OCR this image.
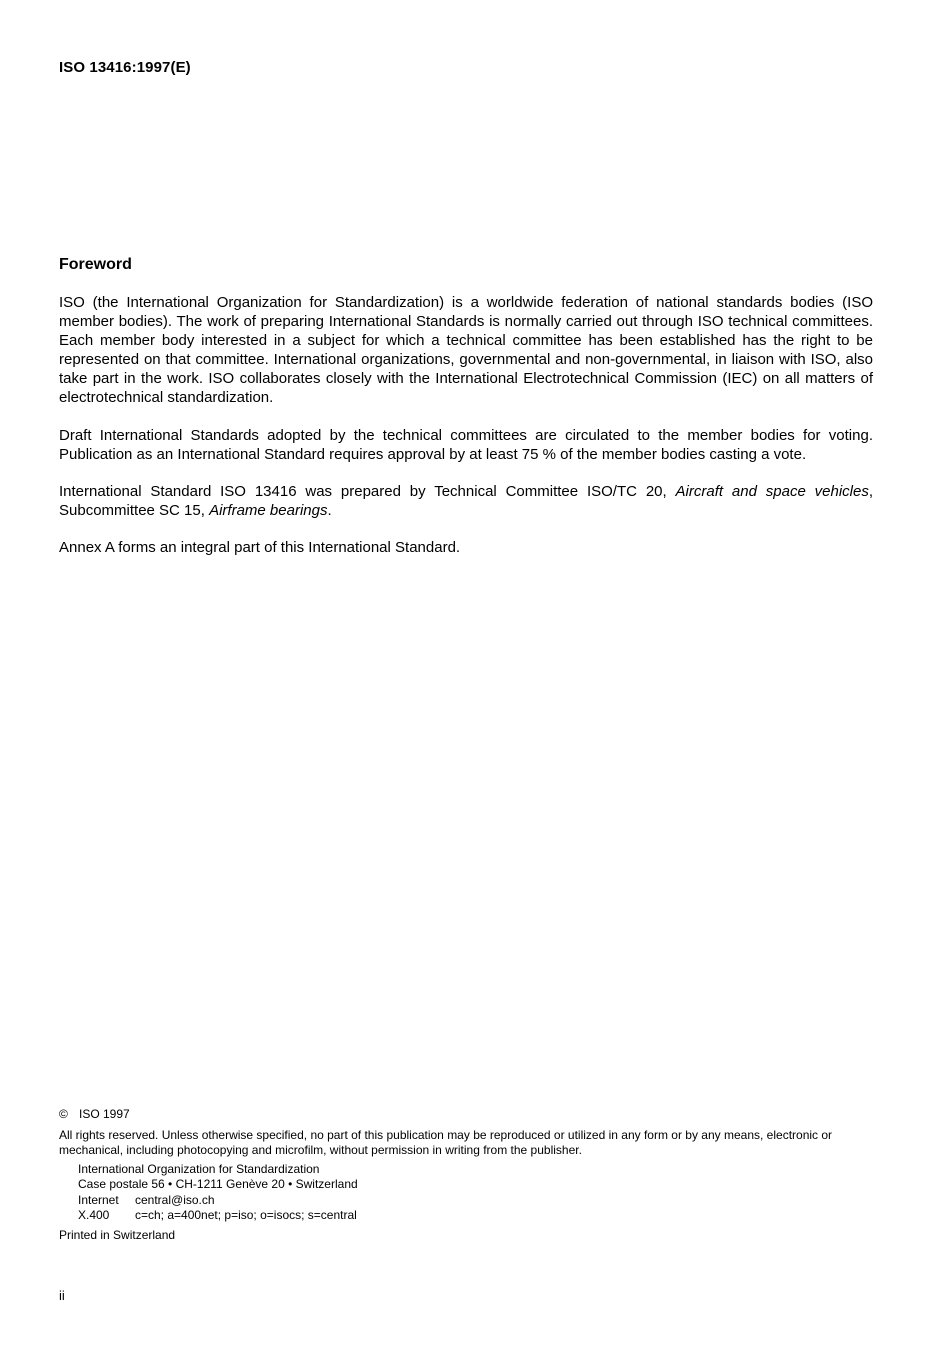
ISO 13416:1997(E)
Foreword

ISO (the International Organization for Standardization) is a worldwide federation of national standards bodies (ISO member bodies). The work of preparing International Standards is normally carried out through ISO technical committees. Each member body interested in a subject for which a technical committee has been established has the right to be represented on that committee. International organizations, governmental and non-governmental, in liaison with ISO, also take part in the work. ISO collaborates closely with the International Electrotechnical Commission (IEC) on all matters of electrotechnical standardization.

Draft International Standards adopted by the technical committees are circulated to the member bodies for voting. Publication as an International Standard requires approval by at least 75 % of the member bodies casting a vote.

International Standard ISO 13416 was prepared by Technical Committee ISO/TC 20, Aircraft and space vehicles, Subcommittee SC 15, Airframe bearings.

Annex A forms an integral part of this International Standard.

© ISO 1997
All rights reserved. Unless otherwise specified, no part of this publication may be reproduced or utilized in any form or by any means, electronic or mechanical, including photocopying and microfilm, without permission in writing from the publisher.
International Organization for Standardization
Case postale 56 • CH-1211 Genève 20 • Switzerland
Internet central@iso.ch
X.400 c=ch; a=400net; p=iso; o=isocs; s=central
Printed in Switzerland
ii
